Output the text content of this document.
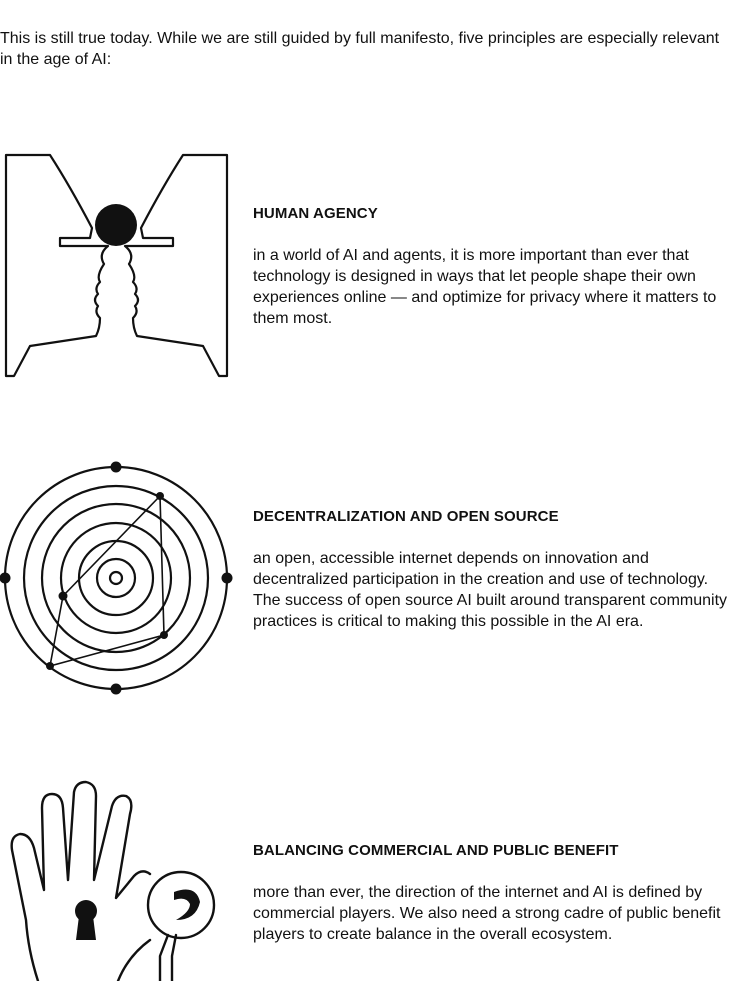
This is still true today. While we are still guided by full manifesto, five principles are especially relevant in the age of AI:

HUMAN AGENCY

in a world of AI and agents, it is more important than ever that technology is designed in ways that let people shape their own experiences online — and optimize for privacy where it matters to them most.

DECENTRALIZATION AND OPEN SOURCE

an open, accessible internet depends on innovation and decentralized participation in the creation and use of technology. The success of open source AI built around transparent community practices is critical to making this possible in the AI era.

BALANCING COMMERCIAL AND PUBLIC BENEFIT

more than ever, the direction of the internet and AI is defined by commercial players. We also need a strong cadre of public benefit players to create balance in the overall ecosystem.
